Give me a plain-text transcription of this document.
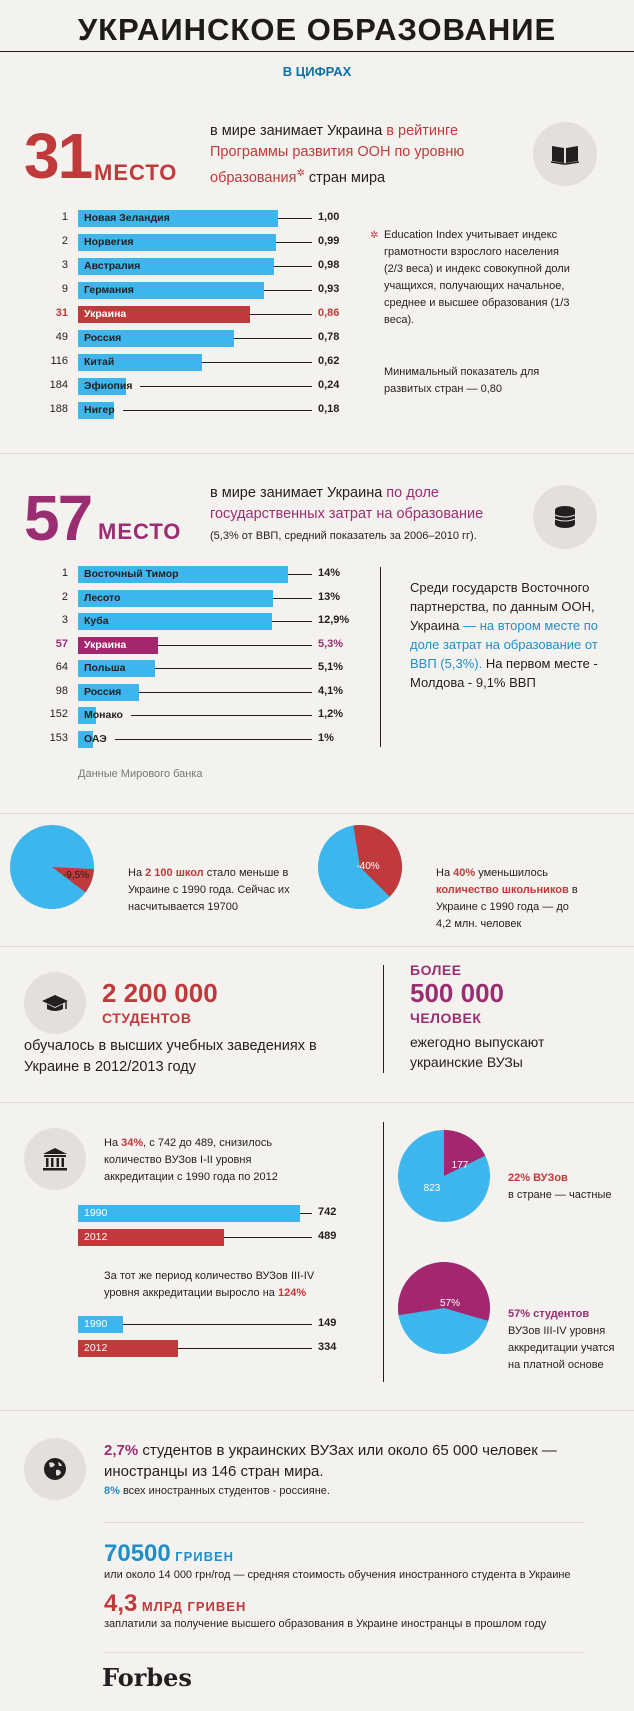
УКРАИНСКОЕ ОБРАЗОВАНИЕ
В ЦИФРАХ
31 МЕСТО
в мире занимает Украина в рейтинге Программы развития ООН по уровню образования✲ стран мира
1 Новая Зеландия	1,00
2 Норвегия	0,99
3 Австралия	0,98
9 Германия	0,93
31 Украина	0,86
49 Россия	0,78
116 Китай	0,62
184 Эфиопия	0,24
188 Нигер	0,18
✲ Education Index учитывает индекс грамотности взрослого населения (2/3 веса) и индекс совокупной доли учащихся, получающих начальное, среднее и высшее образования (1/3 веса).
Минимальный показатель для развитых стран — 0,80
57 МЕСТО
в мире занимает Украина по доле государственных затрат на образование
(5,3% от ВВП, средний показатель за 2006–2010 гг).
1 Восточный Тимор	14%
2 Лесото	13%
3 Куба	12,9%
57 Украина	5,3%
64 Польша	5,1%
98 Россия	4,1%
152 Монако	1,2%
153 ОАЭ	1%
Данные Мирового банка
Среди государств Восточного партнерства, по данным ООН, Украина — на втором месте по доле затрат на образование от ВВП (5,3%). На первом месте - Молдова - 9,1% ВВП
-9,5%	На 2 100 школ стало меньше в Украине с 1990 года. Сейчас их насчитывается 19700
-40%
На 40% уменьшилось количество школьников в Украине с 1990 года — до 4,2 млн. человек
2 200 000
СТУДЕНТОВ
обучалось в высших учебных заведениях в Украине в 2012/2013 году
БОЛЕЕ
500 000
ЧЕЛОВЕК
ежегодно выпускают украинские ВУЗы
На 34%, с 742 до 489, снизилось количество ВУЗов I-II уровня аккредитации с 1990 года по 2012
1990	742
2012	489
За тот же период количество ВУЗов III-IV уровня аккредитации выросло на 124%
1990	149
2012	334
177
823
22% ВУЗов
в стране — частные
57%
57% студентов
ВУЗов III-IV уровня аккредитации учатся на платной основе
2,7% студентов в украинских ВУЗах или около 65 000 человек — иностранцы из 146 стран мира.
8% всех иностранных студентов - россияне.
70500 ГРИВЕН
или около 14 000 грн/год — средняя стоимость обучения иностранного студента в Украине
4,3 МЛРД ГРИВЕН
заплатили за получение высшего образования в Украине иностранцы в прошлом году
Forbes
